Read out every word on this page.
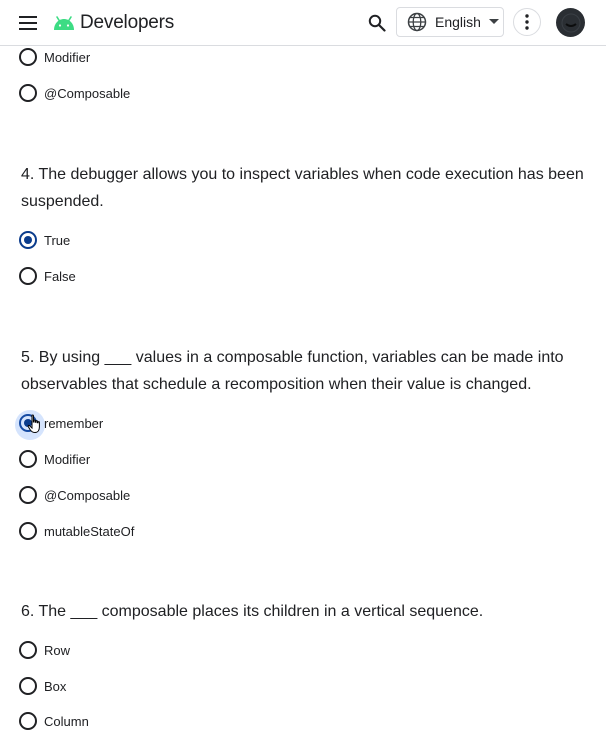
Modifier
@Composable
4. The debugger allows you to inspect variables when code execution has been suspended.
True
False
5. By using ___ values in a composable function, variables can be made into observables that schedule a recomposition when their value is changed.
remember
Modifier
@Composable
mutableStateOf
6. The ___ composable places its children in a vertical sequence.
Row
Box
Column
Developers	English
